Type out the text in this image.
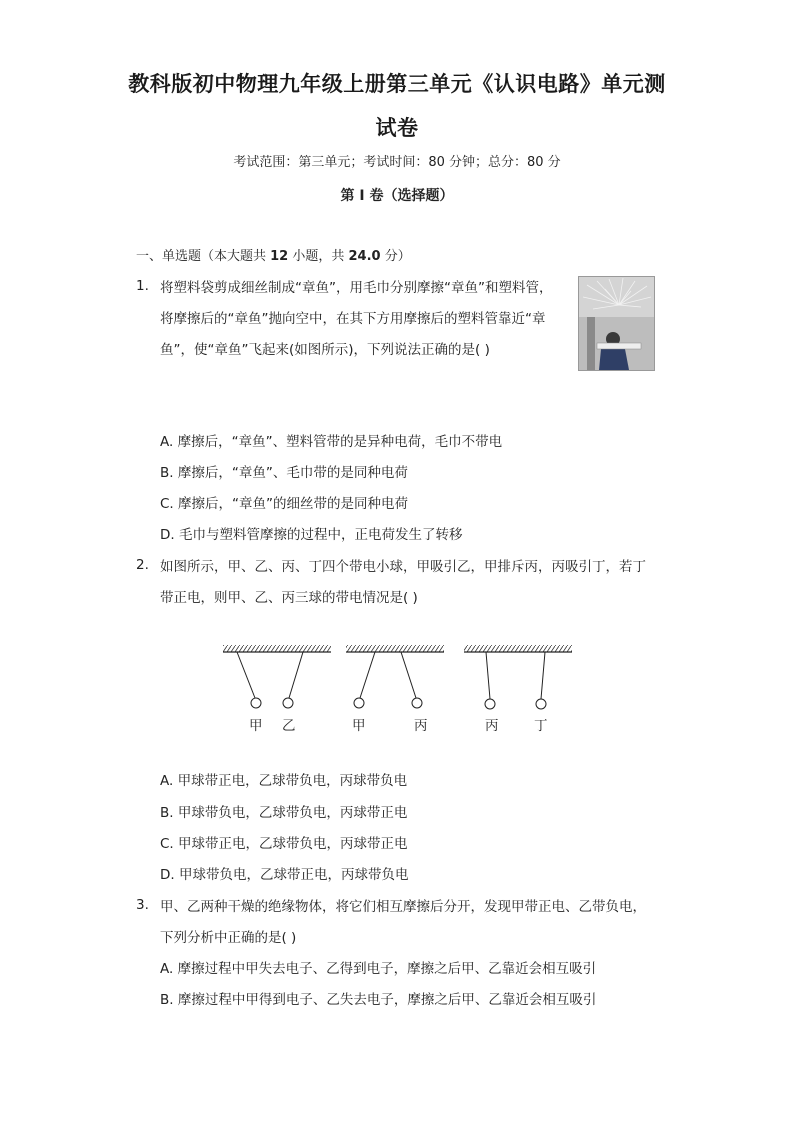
教科版初中物理九年级上册第三单元《认识电路》单元测
试卷
考试范围：第三单元；考试时间：80 分钟；总分：80 分
第 I 卷（选择题）
一、单选题（本大题共 12 小题，共 24.0 分）
1. 将塑料袋剪成细丝制成“章鱼”，用毛巾分别摩擦“章鱼”和塑料管，
将摩擦后的“章鱼”抛向空中，在其下方用摩擦后的塑料管靠近“章
鱼”，使“章鱼”飞起来(如图所示)，下列说法正确的是( )
A. 摩擦后，“章鱼”、塑料管带的是异种电荷，毛巾不带电
B. 摩擦后，“章鱼”、毛巾带的是同种电荷
C. 摩擦后，“章鱼”的细丝带的是同种电荷
D. 毛巾与塑料管摩擦的过程中，正电荷发生了转移
2. 如图所示，甲、乙、丙、丁四个带电小球，甲吸引乙，甲排斥丙，丙吸引丁，若丁
带正电，则甲、乙、丙三球的带电情况是( )
甲 乙	甲	丙	丙	丁
A. 甲球带正电，乙球带负电，丙球带负电
B. 甲球带负电，乙球带负电，丙球带正电
C. 甲球带正电，乙球带负电，丙球带正电
D. 甲球带负电，乙球带正电，丙球带负电
3. 甲、乙两种干燥的绝缘物体，将它们相互摩擦后分开，发现甲带正电、乙带负电，
下列分析中正确的是( )
A. 摩擦过程中甲失去电子、乙得到电子，摩擦之后甲、乙靠近会相互吸引
B. 摩擦过程中甲得到电子、乙失去电子，摩擦之后甲、乙靠近会相互吸引
